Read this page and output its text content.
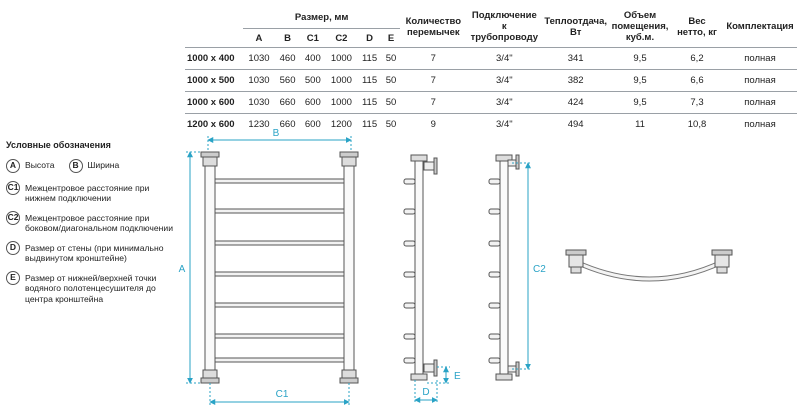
	Размер, мм						Количество перемычек	Подключение к трубопроводу	Теплоотдача, Вт	Объем помещения, куб.м.	Вес нетто, кг	Комплектация
	A	B	C1	C2	D	E						
1000 x 400	1030	460	400	1000	115	50	7	3/4"	341	9,5	6,2	полная
1000 x 500	1030	560	500	1000	115	50	7	3/4"	382	9,5	6,6	полная
1000 x 600	1030	660	600	1000	115	50	7	3/4"	424	9,5	7,3	полная
1200 x 600	1230	660	600	1200	115	50	9	3/4"	494	11	10,8	полная
Условные обозначения
A	Высота	B	Ширина
C1 Межцентровое расстояние при нижнем подключении
C2 Межцентровое расстояние при боковом/диагональном подключении
D	Размер от стены (при минимально выдвинутом кронштейне)
E	Размер от нижней/верхней точки водяного полотенцесушителя до центра кронштейна
B
A
C1	D
E
C2
